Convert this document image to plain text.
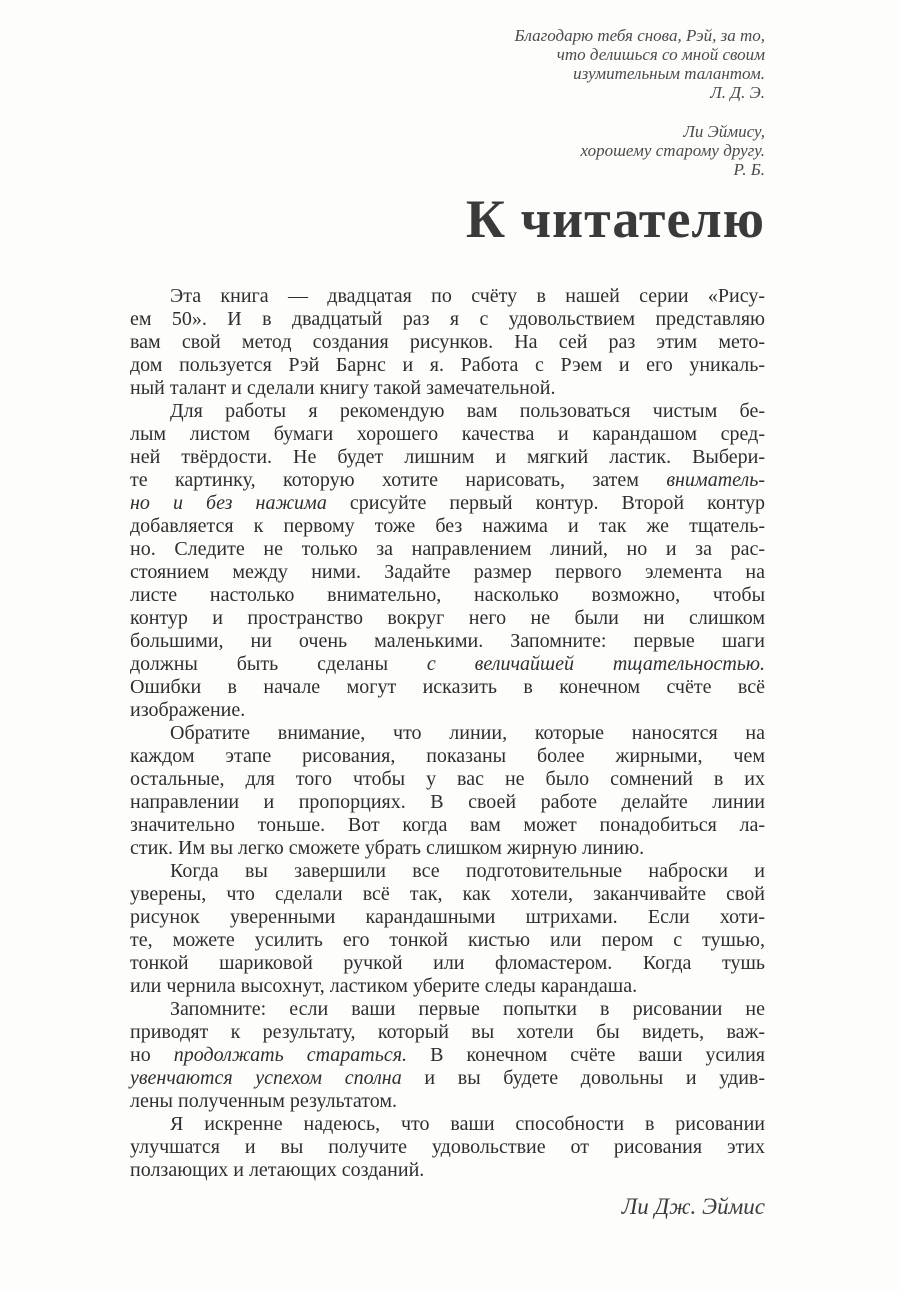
Благодарю тебя снова, Рэй, за то,
что делишься со мной своим
изумительным талантом.
Л. Д. Э.
Ли Эймису,
хорошему старому другу.
Р. Б.
К читателю
Эта книга — двадцатая по счёту в нашей серии «Рису-
ем 50». И в двадцатый раз я с удовольствием представляю
вам свой метод создания рисунков. На сей раз этим мето-
дом пользуется Рэй Барнс и я. Работа с Рэем и его уникаль-
ный талант и сделали книгу такой замечательной.
Для работы я рекомендую вам пользоваться чистым бе-
лым листом бумаги хорошего качества и карандашом сред-
ней твёрдости. Не будет лишним и мягкий ластик. Выбери-
те картинку, которую хотите нарисовать, затем вниматель-
но и без нажима срисуйте первый контур. Второй контур
добавляется к первому тоже без нажима и так же тщатель-
но. Следите не только за направлением линий, но и за рас-
стоянием между ними. Задайте размер первого элемента на
листе настолько внимательно, насколько возможно, чтобы
контур и пространство вокруг него не были ни слишком
большими, ни очень маленькими. Запомните: первые шаги
должны быть сделаны с величайшей тщательностью.
Ошибки в начале могут исказить в конечном счёте всё
изображение.
Обратите внимание, что линии, которые наносятся на
каждом этапе рисования, показаны более жирными, чем
остальные, для того чтобы у вас не было сомнений в их
направлении и пропорциях. В своей работе делайте линии
значительно тоньше. Вот когда вам может понадобиться ла-
стик. Им вы легко сможете убрать слишком жирную линию.
Когда вы завершили все подготовительные наброски и
уверены, что сделали всё так, как хотели, заканчивайте свой
рисунок уверенными карандашными штрихами. Если хоти-
те, можете усилить его тонкой кистью или пером с тушью,
тонкой шариковой ручкой или фломастером. Когда тушь
или чернила высохнут, ластиком уберите следы карандаша.
Запомните: если ваши первые попытки в рисовании не
приводят к результату, который вы хотели бы видеть, важ-
но продолжать стараться. В конечном счёте ваши усилия
увенчаются успехом сполна и вы будете довольны и удив-
лены полученным результатом.
Я искренне надеюсь, что ваши способности в рисовании
улучшатся и вы получите удовольствие от рисования этих
ползающих и летающих созданий.
Ли Дж. Эймис
